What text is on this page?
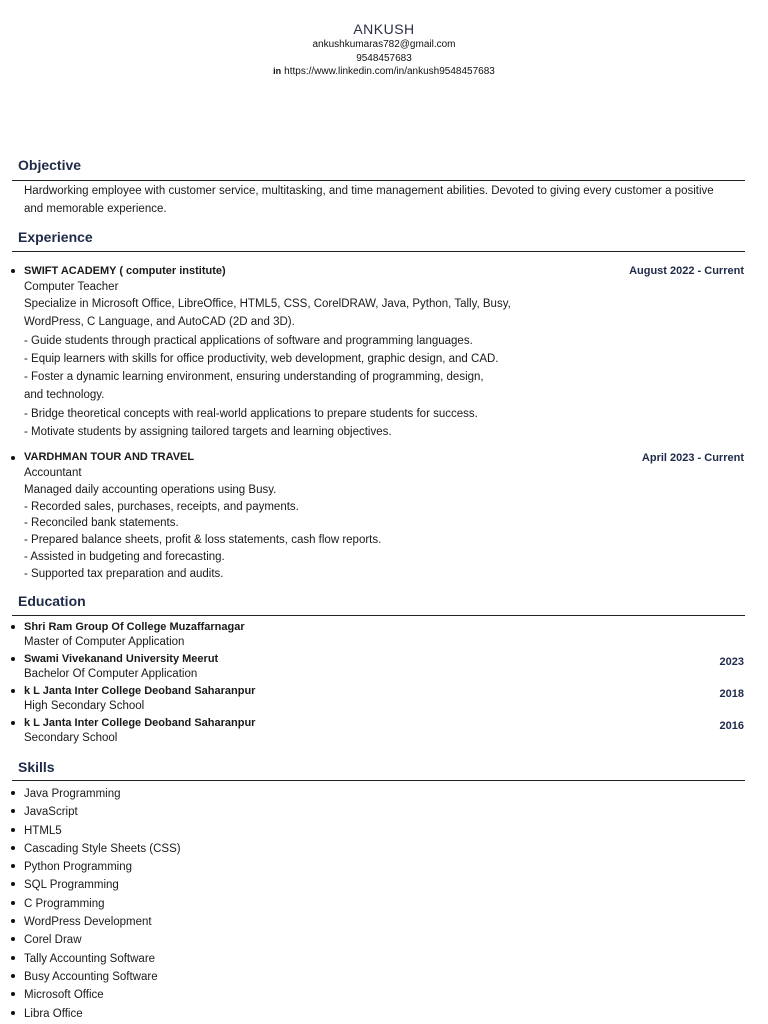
ANKUSH
ankushkumaras782@gmail.com
9548457683
in https://www.linkedin.com/in/ankush9548457683
Objective
Hardworking employee with customer service, multitasking, and time management abilities. Devoted to giving every customer a positive and memorable experience.
Experience
SWIFT ACADEMY ( computer institute)	August 2022 - Current
Computer Teacher

Specialize in Microsoft Office, LibreOffice, HTML5, CSS, CorelDRAW, Java, Python, Tally, Busy,

WordPress, C Language, and AutoCAD (2D and 3D).

- Guide students through practical applications of software and programming languages.

- Equip learners with skills for office productivity, web development, graphic design, and CAD.

- Foster a dynamic learning environment, ensuring understanding of programming, design,

and technology.

- Bridge theoretical concepts with real-world applications to prepare students for success.

- Motivate students by assigning tailored targets and learning objectives.

VARDHMAN TOUR AND TRAVEL	April 2023 - Current

Accountant

Managed daily accounting operations using Busy.

- Recorded sales, purchases, receipts, and payments.

- Reconciled bank statements.

- Prepared balance sheets, profit & loss statements, cash flow reports.

- Assisted in budgeting and forecasting.

- Supported tax preparation and audits.

Education
Shri Ram Group Of College Muzaffarnagar
Master of Computer Application
Swami Vivekanand University Meerut	2023
Bachelor Of Computer Application
k L Janta Inter College Deoband Saharanpur	2018
High Secondary School
k L Janta Inter College Deoband Saharanpur	2016
Secondary School
Skills
Java Programming
JavaScript
HTML5
Cascading Style Sheets (CSS)
Python Programming
SQL Programming
C Programming
WordPress Development
Corel Draw
Tally Accounting Software
Busy Accounting Software
Microsoft Office
Libra Office
